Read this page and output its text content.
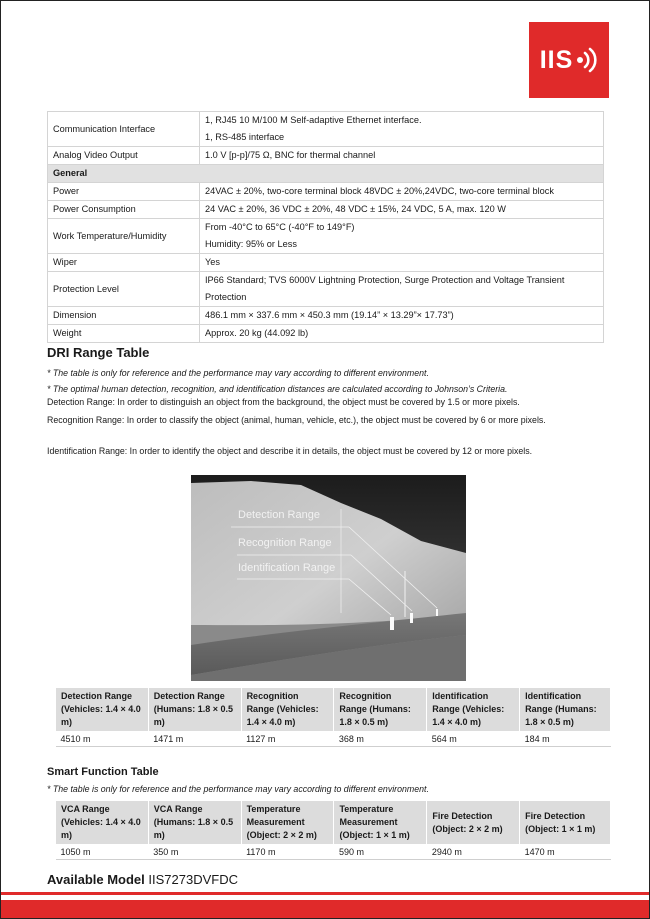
IIS
Communication Interface	1, RJ45 10 M/100 M Self-adaptive Ethernet interface.
1, RS-485 interface

Analog Video Output	1.0 V [p-p]/75 Ω, BNC for thermal channel
General	
Power	24VAC ± 20%, two-core terminal block 48VDC ± 20%,24VDC, two-core terminal block
Power Consumption	24 VAC ± 20%, 36 VDC ± 20%, 48 VDC ± 15%, 24 VDC, 5 A, max. 120 W
Work Temperature/Humidity	From -40°C to 65°C (-40°F to 149°F)
Humidity: 95% or Less

Wiper	Yes
Protection Level	IP66 Standard; TVS 6000V Lightning Protection, Surge Protection and Voltage Transient
Protection

Dimension	486.1 mm × 337.6 mm × 450.3 mm (19.14” × 13.29”× 17.73”)
Weight	Approx. 20 kg (44.092 lb)
DRI Range Table
* The table is only for reference and the performance may vary according to different environment.
* The optimal human detection, recognition, and identification distances are calculated according to Johnson’s Criteria.
Detection Range: In order to distinguish an object from the background, the object must be covered by 1.5 or more pixels.
Recognition Range: In order to classify the object (animal, human, vehicle, etc.), the object must be covered by 6 or more pixels.
Identification Range: In order to identify the object and describe it in details, the object must be covered by 12 or more pixels.
Detection Range
Recognition Range
Identification Range
Detection Range (Vehicles: 1.4 × 4.0 m)	Detection Range (Humans: 1.8 × 0.5 m)	Recognition Range (Vehicles: 1.4 × 4.0 m)	Recognition Range (Humans: 1.8 × 0.5 m)	Identification Range (Vehicles: 1.4 × 4.0 m)	Identification Range (Humans: 1.8 × 0.5 m)
4510 m	1471 m	1127 m	368 m	564 m	184 m
Smart Function Table
* The table is only for reference and the performance may vary according to different environment.
VCA Range (Vehicles: 1.4 × 4.0 m)	VCA Range (Humans: 1.8 × 0.5 m)	Temperature Measurement (Object: 2 × 2 m)	Temperature Measurement (Object: 1 × 1 m)	Fire Detection (Object: 2 × 2 m)	Fire Detection (Object: 1 × 1 m)
1050 m	350 m	1170 m	590 m	2940 m	1470 m
Available Model IIS7273DVFDC
